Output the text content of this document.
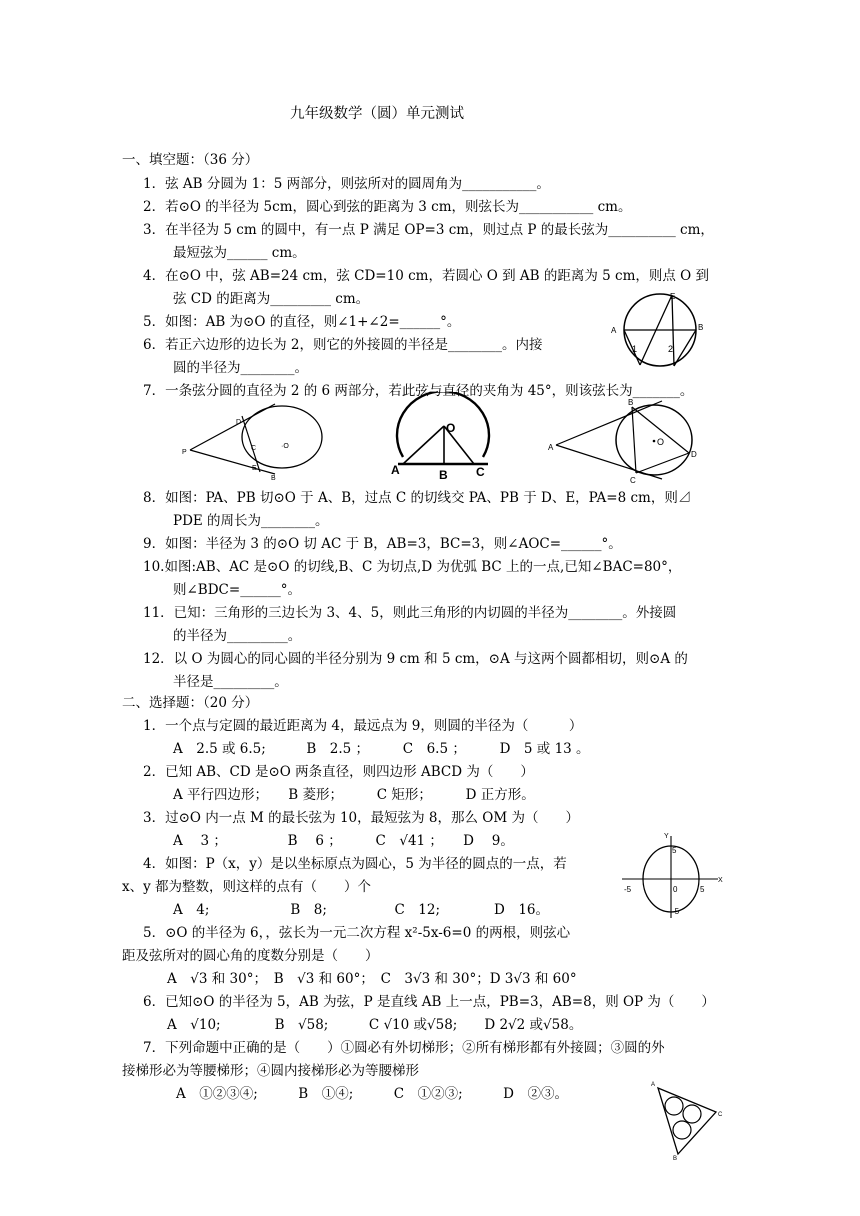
九年级数学（圆）单元测试
一、填空题：（36 分）
1．弦 AB 分圆为 1：5 两部分，则弦所对的圆周角为___________。
2．若⊙O 的半径为 5cm，圆心到弦的距离为 3 cm，则弦长为___________ cm。
3．在半径为 5 cm 的圆中，有一点 P 满足 OP=3 cm，则过点 P 的最长弦为__________ cm，
最短弦为______ cm。
4．在⊙O 中，弦 AB=24 cm，弦 CD=10 cm，若圆心 O 到 AB 的距离为 5 cm，则点 O 到
弦 CD 的距离为_________ cm。
5．如图：AB 为⊙O 的直径，则∠1+∠2=______°。
6．若正六边形的边长为 2，则它的外接圆的半径是________。内接
圆的半径为________。
7．一条弦分圆的直径为 2 的 6 两部分，若此弦与直径的夹角为 45°，则该弦长为_______。
8．如图：PA、PB 切⊙O 于 A、B，过点 C 的切线交 PA、PB 于 D、E，PA=8 cm，则⊿
PDE 的周长为________。
9．如图：半径为 3 的⊙O 切 AC 于 B，AB=3，BC=3，则∠AOC=______°。
10.如图:AB、AC 是⊙O 的切线,B、C 为切点,D 为优弧 BC 上的一点,已知∠BAC=80°，
则∠BDC=______°。
11．已知：三角形的三边长为 3、4、5，则此三角形的内切圆的半径为________。外接圆
的半径为_________。
12．以 O 为圆心的同心圆的半径分别为 9 cm 和 5 cm，⊙A 与这两个圆都相切，则⊙A 的
半径是_________。
二、选择题：（20 分）
1．一个点与定圆的最近距离为 4，最远点为 9，则圆的半径为（　　　）
A　2.5 或 6.5;　　　B　2.5 ；　　　C　6.5 ；　　　D　5 或 13 。
2．已知 AB、CD 是⊙O 两条直径，则四边形 ABCD 为（　　）
A 平行四边形；　　B 菱形；　　　C 矩形；　　　D 正方形。
3．过⊙O 内一点 M 的最长弦为 10，最短弦为 8，那么 OM 为（　　）
A　 3 ；　　　　　B　 6 ；　　　C　√41 ；　　D　 9。
4．如图：P（x，y）是以坐标原点为圆心，5 为半径的圆点的一点，若
x、y 都为整数，则这样的点有（　　）个
A　4;　　　　　　B　8;　　　　　C　12;　　　　D　16。
5．⊙O 的半径为 6，，弦长为一元二次方程 x²-5x-6=0 的两根，则弦心
距及弦所对的圆心角的度数分别是（　　）
A　√3 和 30°；　B　√3 和 60°；　C　3√3 和 30°；D 3√3 和 60°
6．已知⊙O 的半径为 5，AB 为弦，P 是直线 AB 上一点，PB=3，AB=8，则 OP 为（　　）
A　√10;　　　　B　√58;　　　C √10 或√58;　　D 2√2 或√58。
7．下列命题中正确的是（　　）①圆必有外切梯形；②所有梯形都有外接圆；③圆的外
接梯形必为等腰梯形；④圆内接梯形必为等腰梯形
A　①②③④;　　　B　①④;　　　C　①②③;　　　D　②③。
A	B
E
1	2
P
D
C	·O
E
B
O
A	B C
A
B
C
O
D
Y
X
5
-5	0	5
-5
A
C
B
